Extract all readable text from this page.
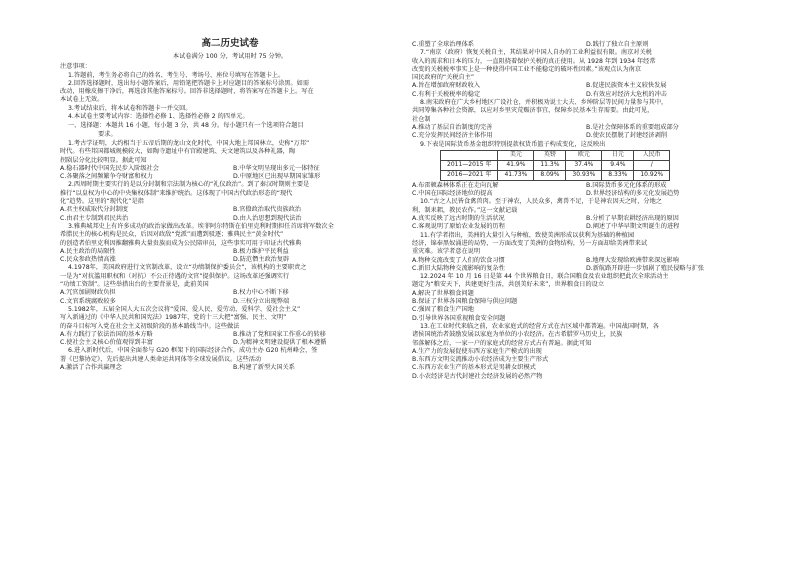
高二历史试卷
本试卷满分 100 分，考试用时 75 分钟。
注意事项：
1.答题前，考生务必将自己的姓名、考生号、考场号、座位号填写在答题卡上。
2.回答选择题时，选出每小题答案后，用铅笔把答题卡上对应题目的答案标号涂黑。如需
改动，用橡皮擦干净后，再选涂其他答案标号。回答非选择题时，将答案写在答题卡上。写在
本试卷上无效。
3.考试结束后，将本试卷和答题卡一并交回。
4.本试卷主要考试内容：选择性必修 1、选择性必修 2 的四单元。
一、选择题：本题共 16 小题，每小题 3 分，共 48 分。每小题只有一个选项符合题目
要求。
1.考古学证明，大约相当于五帝后期的龙山文化时代，中国大地上邦国林立，史称“万邦”
时代。有些邦国都城规模较大，如陶寺遗址中有宫殿建筑、天文建筑以及各种礼器，陶
拐陨层分化比较明显。据此可知
A.稳石器时代中国先民步入阶级社会	B.中华文明呈现出多元一体特征
C.各聚落之间频繁争夺财富和权力	D.中原地区已出现早期国家雏形
2.西周时期主要实行的是以分封制和宗法制为核心的“礼仪政治”。到了秦汉时期则主要是
推行“以皇权为中心的中央集权体制”来维护统治。这体现了中国古代政治形态的“现代
化”趋势。这里的“现代化”是指
A.君主权威取代分封制度	B.官僚政治取代贵族政治
C.由君主专制到君民共治	D.由人治思想到现代法治
3.雅典城邦史上有许多成功的政治家做出改革。埃菲阿尔特斯在伯里克利时期担任首席将军数次全
希腊民主的核心机构是民众，后因对政敌“党派”而遭到驳逐；雅典民主“黄金时代”
的创造者伯里克利因推翻雅典大量贵族而成为公民陪审员，这些事实可用于印证古代雅典
A.民主政治的局限性	B.极力维护平民利益
C.民众参政热情高涨	D.防范僭主政治复辟
4.1978年，美国政府进行文官制改革，设立“功绩制保护委员会”，该机构的主要职责之
一是为“对抗滥用职权和（对抗）不公正待遇的文官”提供保护。这场改革还强调实行
“功绩工资制”。这些举措出台的主要背景是，此前美国
A.冗官加剧财政负担	B.权力中心不断下移
C.文官系统腐败较多	D.三权分立出现弊端
5.1982年，五届全国人大五次会议将“爱国、爱人民、爱劳动、爱科学、爱社会主义”
写入新通过的《中华人民共和国宪法》1987年，党的十三大把“富强、民主、文明”
的奋斗目标写入党在社会主义初级阶段的基本路线当中。这些做法
A.有力践行了依法治国的基本方略	B.推动了党和国家工作重心的转移
C.使社会主义核心价值观得到丰富	D.为精神文明建设提供了根本遵循
6.进入新时代后，中国全面参与 G20 框架下的国际经济合作，成功主办 G20 杭州峰会，签
署《巴黎协定》，先后提出共建人类命运共同体等全球发展倡议。这些活动
A.激活了合作共赢理念	B.构建了新型大国关系
C.重塑了全球治理体系	D.践行了独立自主原则
7.“南京（政府）恢复关税自主，其结果对中国人自办的工业利益很有限。南京对关税
收入的需求和日本的压力，一直阻挠着保护关税的真正使用。从 1928 年到 1934 年经常
改变的关税税率事实上是一种使得中国工业不能稳定的破坏性因素。”该观点认为南京
国民政府的“关税自主”
A.旨在增加政府财政收入	B.促进民族资本主义较快发展
C.有利于关税税率的稳定	D.有效应对经济大危机的冲击
8.南宋政府在广大乡村地区广设社仓，并积极劝说士大夫、乡绅阶层等民间力量参与其中，
共同筹集各种社会资源，以应对乡里灾荒赈济事宜，保障乡民基本生存需要。由此可见，
社仓制
A.推动了基层自治制度的完善	B.是社会保障体系的重要组成部分
C.充分发挥民间经济主体作用	D.使农民摆脱了封建经济剥削
9.下表是国际货币基金组织特别提款权货币篮子构成变化，这反映出
	美元	英镑	欧元	日元	人民币
2011—2015 年	41.9%	11.3%	37.4%	9.4%	/
2016—2021 年	41.73%	8.09%	30.93%	8.33%	10.92%
A.布雷顿森林体系正在走向瓦解	B.国际货币多元化体系的形成
C.中国在国际经济地位的提高	D.世界经济结构的多元化发展趋势
10.“古之人民皆食禽兽肉。至于神农，人民众多，禽兽不足，于是神农因天之时，分地之
利，制耒耜，教民农作。”这一文献记载
A.真实反映了远古时期的生活状况	B.分析了早期农耕经济出现的原因
C.客观说明了原始农业发展的历程	D.阐述了中华早期文明诞生的进程
11.有学者指出，美洲的大量引入与种植，致使美洲形成以获利为基础的种植园
经济，锦奉黑奴涌进的局势，一方面改变了美洲的食物结构，另一方面却给美洲带来试
重灾难。该学者意在说明
A.物种交流改变了人们的饮食习惯	B.地理大发现给欧洲带来深远影响
C.新旧大陆物种交流影响的复杂性	D.新航路开辟进一步加剧了殖民侵略与扩张
12.2024 年 10 月 16 日是第 44 个世界粮食日，联合国粮食及农业组织把此次全球活动主
题定为“粮安天下，共建更好生活，共创美好未来”，世界粮食日的设立
A.解决了世界粮食问题
B.保证了世界各国粮食保障与供应问题
C.强固了粮食生产国地
D.引导世界各国重视粮食安全问题
13.在工业时代来临之前，农业家庭式的经营方式在古区域中都普遍。中国战国时期，各
诸侯国统治者鼓励发展以家庭为单位的小农经济。在古希腊罗马历史上，民族
邻落解体之后，一家一户的家庭式的经营方式占有普遍。据此可知
A.生产力的发展促使东西方家庭生产模式的出现
B.东西方文明交流推动小农经济成为主要生产形式
C.东西方农业生产的基本形式是男耕女织模式
D.小农经济是古代封建社会经济发展的必然产物
